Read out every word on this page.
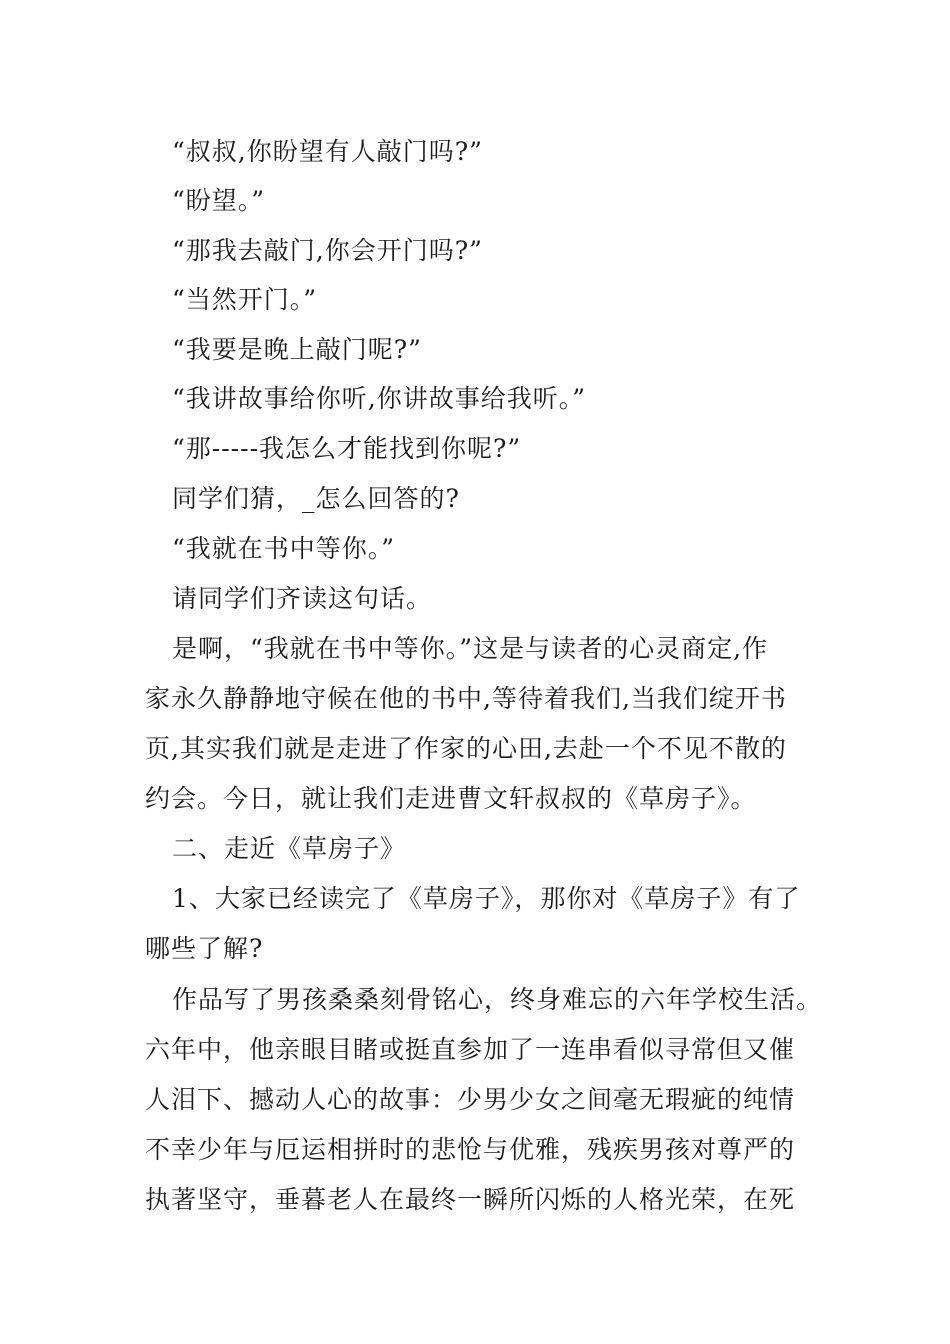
“叔叔,你盼望有人敲门吗?”
“盼望。”
“那我去敲门,你会开门吗?”
“当然开门。”
“我要是晚上敲门呢?”
“我讲故事给你听,你讲故事给我听。”
“那-----我怎么才能找到你呢?”
同学们猜，_怎么回答的?
“我就在书中等你。”
请同学们齐读这句话。
是啊，“我就在书中等你。”这是与读者的心灵商定,作
家永久静静地守候在他的书中,等待着我们,当我们绽开书
页,其实我们就是走进了作家的心田,去赴一个不见不散的
约会。今日，就让我们走进曹文轩叔叔的《草房子》。
二、走近《草房子》
1、大家已经读完了《草房子》，那你对《草房子》有了
哪些了解?
作品写了男孩桑桑刻骨铭心，终身难忘的六年学校生活。
六年中，他亲眼目睹或挺直参加了一连串看似寻常但又催
人泪下、撼动人心的故事：少男少女之间毫无瑕疵的纯情
不幸少年与厄运相拼时的悲怆与优雅，残疾男孩对尊严的
执著坚守，垂暮老人在最终一瞬所闪烁的人格光荣，在死
